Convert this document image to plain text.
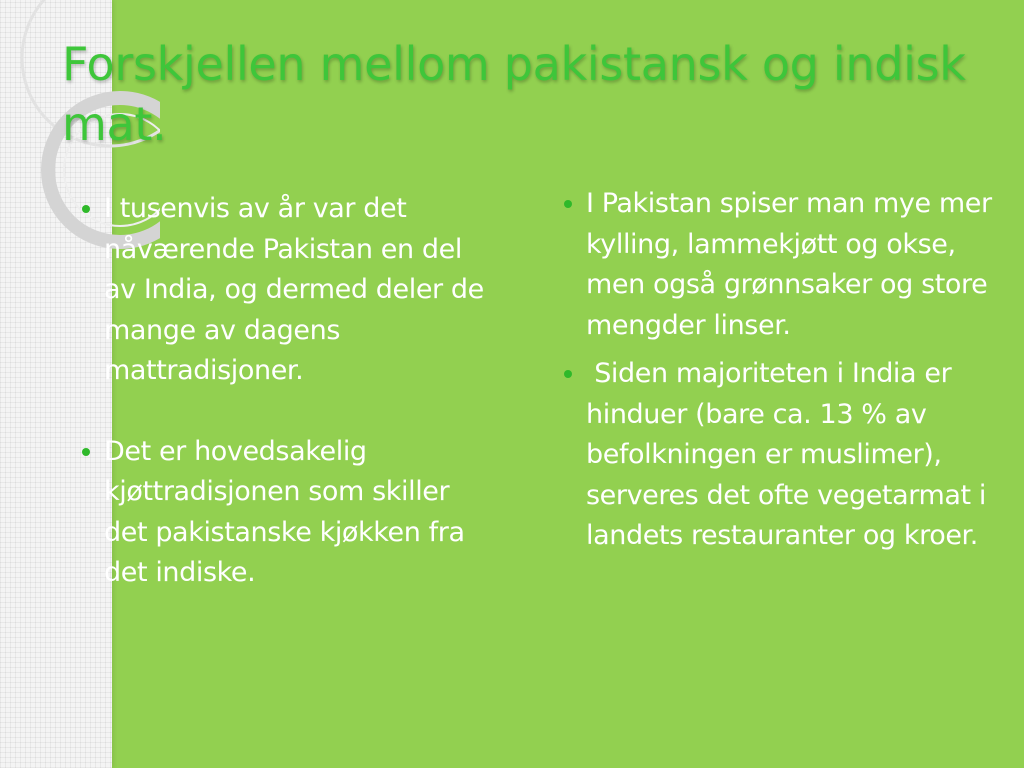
Forskjellen mellom pakistansk og indisk mat.
I tusenvis av år var det nåværende Pakistan en del av India, og dermed deler de mange av dagens mattradisjoner.
Det er hovedsakelig kjøttradisjonen som skiller det pakistanske kjøkken fra det indiske.
I Pakistan spiser man mye mer kylling, lammekjøtt og okse, men også grønnsaker og store mengder linser.
Siden majoriteten i India er hinduer (bare ca. 13 % av befolkningen er muslimer), serveres det ofte vegetarmat i landets restauranter og kroer.
